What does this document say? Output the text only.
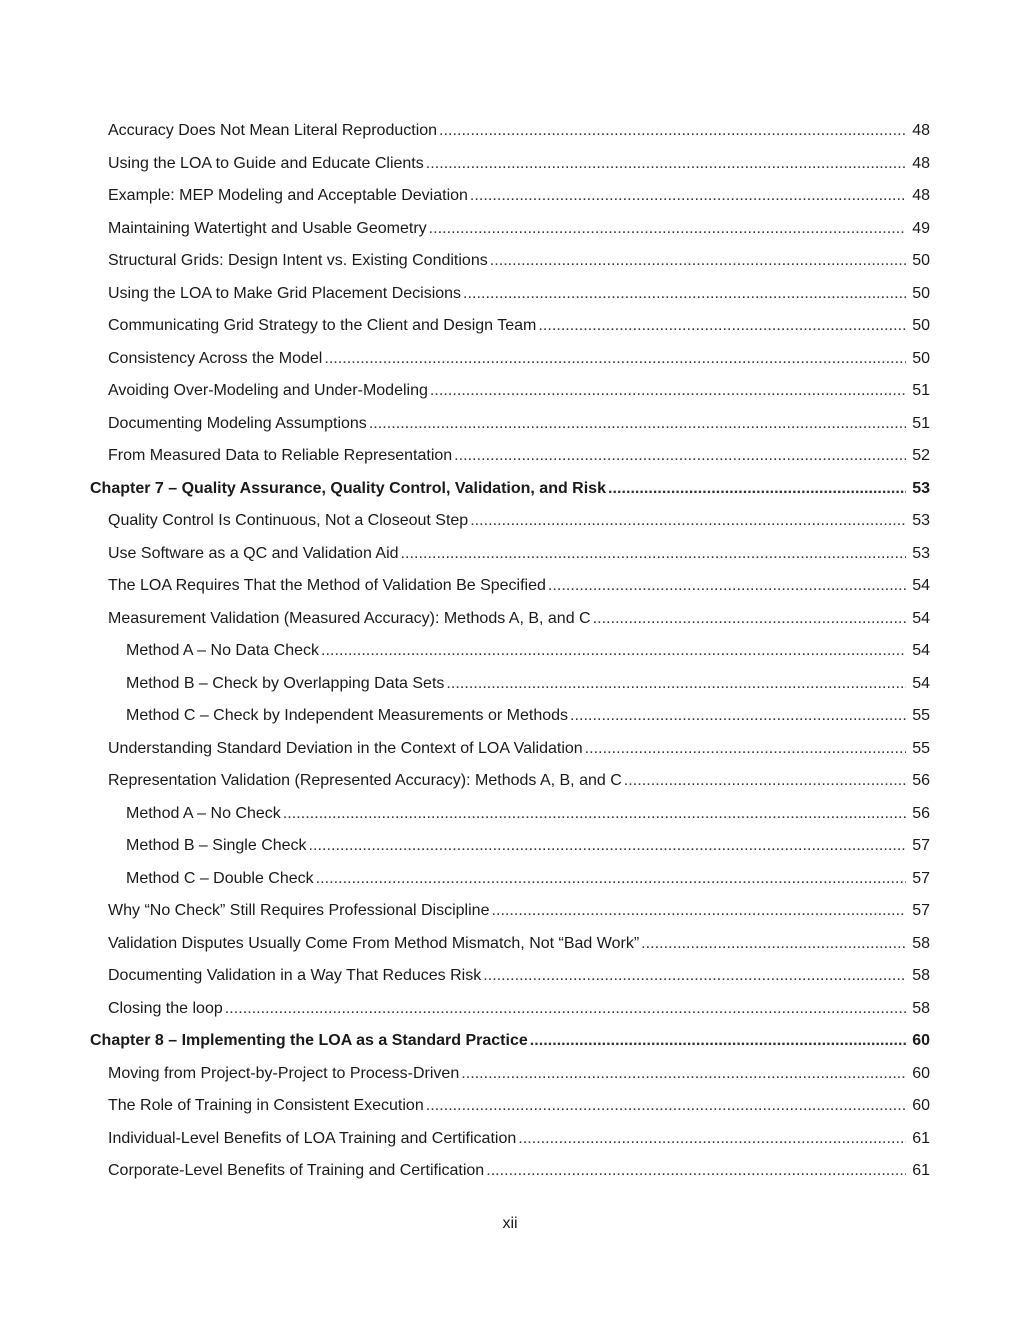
Accuracy Does Not Mean Literal Reproduction . . .	48
Using the LOA to Guide and Educate Clients . . .	48
Example: MEP Modeling and Acceptable Deviation . . .	48
Maintaining Watertight and Usable Geometry . . .	49
Structural Grids: Design Intent vs. Existing Conditions . . .	50
Using the LOA to Make Grid Placement Decisions . . .	50
Communicating Grid Strategy to the Client and Design Team . . .	50
Consistency Across the Model . . .	50
Avoiding Over-Modeling and Under-Modeling . . .	51
Documenting Modeling Assumptions . . .	51
From Measured Data to Reliable Representation . . .	52
Chapter 7 – Quality Assurance, Quality Control, Validation, and Risk . . .	53
Quality Control Is Continuous, Not a Closeout Step . . .	53
Use Software as a QC and Validation Aid . . .	53
The LOA Requires That the Method of Validation Be Specified . . .	54
Measurement Validation (Measured Accuracy): Methods A, B, and C . . .	54
Method A – No Data Check . . .	54
Method B – Check by Overlapping Data Sets . . .	54
Method C – Check by Independent Measurements or Methods . . .	55
Understanding Standard Deviation in the Context of LOA Validation . . .	55
Representation Validation (Represented Accuracy): Methods A, B, and C . . .	56
Method A – No Check . . .	56
Method B – Single Check . . .	57
Method C – Double Check . . .	57
Why “No Check” Still Requires Professional Discipline . . .	57
Validation Disputes Usually Come From Method Mismatch, Not “Bad Work” . . .	58
Documenting Validation in a Way That Reduces Risk . . .	58
Closing the loop . . .	58
Chapter 8 – Implementing the LOA as a Standard Practice . . .	60
Moving from Project-by-Project to Process-Driven . . .	60
The Role of Training in Consistent Execution . . .	60
Individual-Level Benefits of LOA Training and Certification . . .	61
Corporate-Level Benefits of Training and Certification . . .	61
xii
